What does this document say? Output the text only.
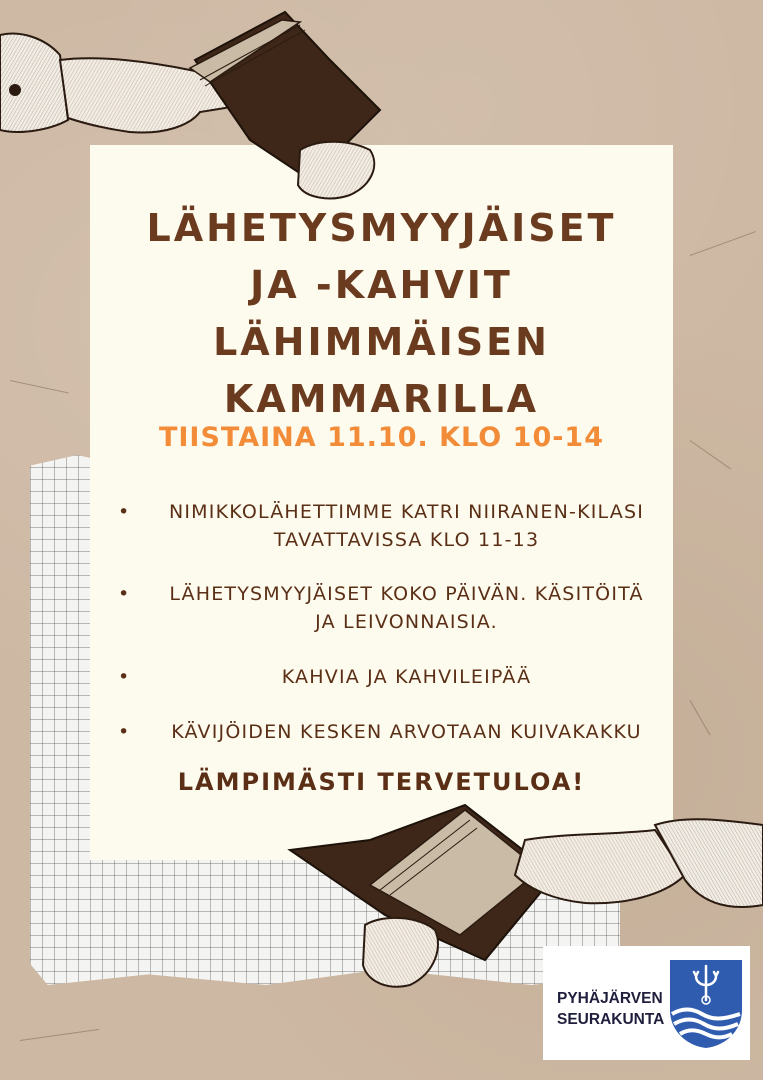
LÄHETYSMYYJÄISET
JA -KAHVIT
LÄHIMMÄISEN
KAMMARILLA
TIISTAINA 11.10. KLO 10-14
•	NIMIKKOLÄHETTIMME KATRI NIIRANEN-KILASI
TAVATTAVISSA KLO 11-13
•	LÄHETYSMYYJÄISET KOKO PÄIVÄN. KÄSITÖITÄ
JA LEIVONNAISIA.
•	KAHVIA JA KAHVILEIPÄÄ
•	KÄVIJÖIDEN KESKEN ARVOTAAN KUIVAKAKKU
LÄMPIMÄSTI TERVETULOA!
PYHÄJÄRVEN
SEURAKUNTA
